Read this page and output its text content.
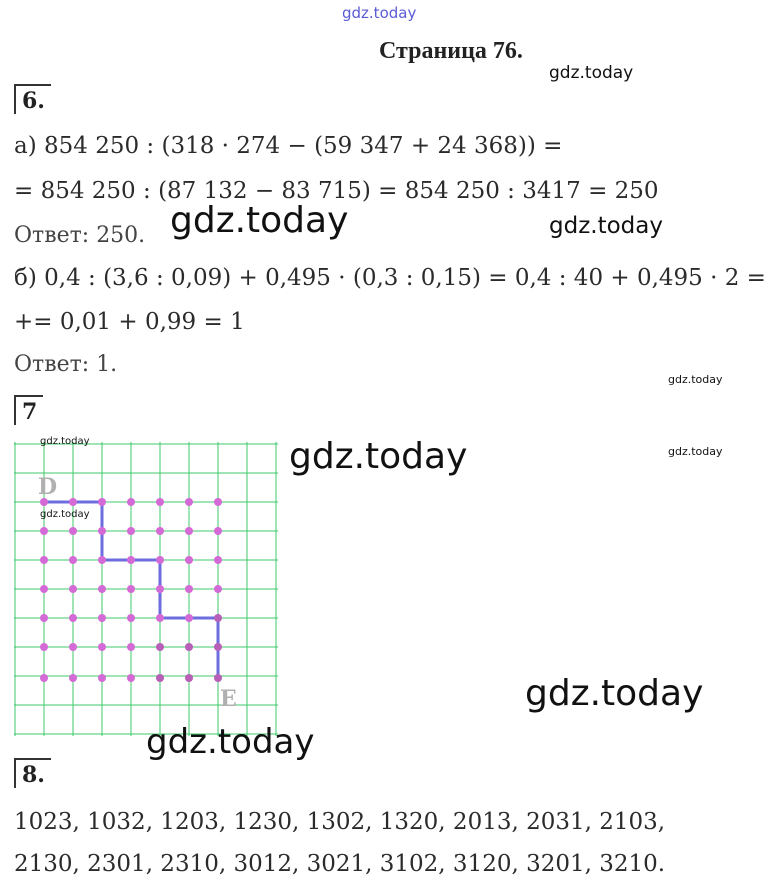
gdz.today
Страница 76.
gdz.today
6.
а) 854 250 : (318 · 274 − (59 347 + 24 368)) =
= 854 250 : (87 132 − 83 715) = 854 250 : 3417 = 250
Ответ: 250. gdz.today	gdz.today
б) 0,4 : (3,6 : 0,09) + 0,495 · (0,3 : 0,15) = 0,4 : 40 + 0,495 · 2 =
+= 0,01 + 0,99 = 1
Ответ: 1.
gdz.today
7
gdz.today	gdz.today
D
E
gdz.today
gdz.today
gdz.today
gdz.today
8.
1023, 1032, 1203, 1230, 1302, 1320, 2013, 2031, 2103,
2130, 2301, 2310, 3012, 3021, 3102, 3120, 3201, 3210.
